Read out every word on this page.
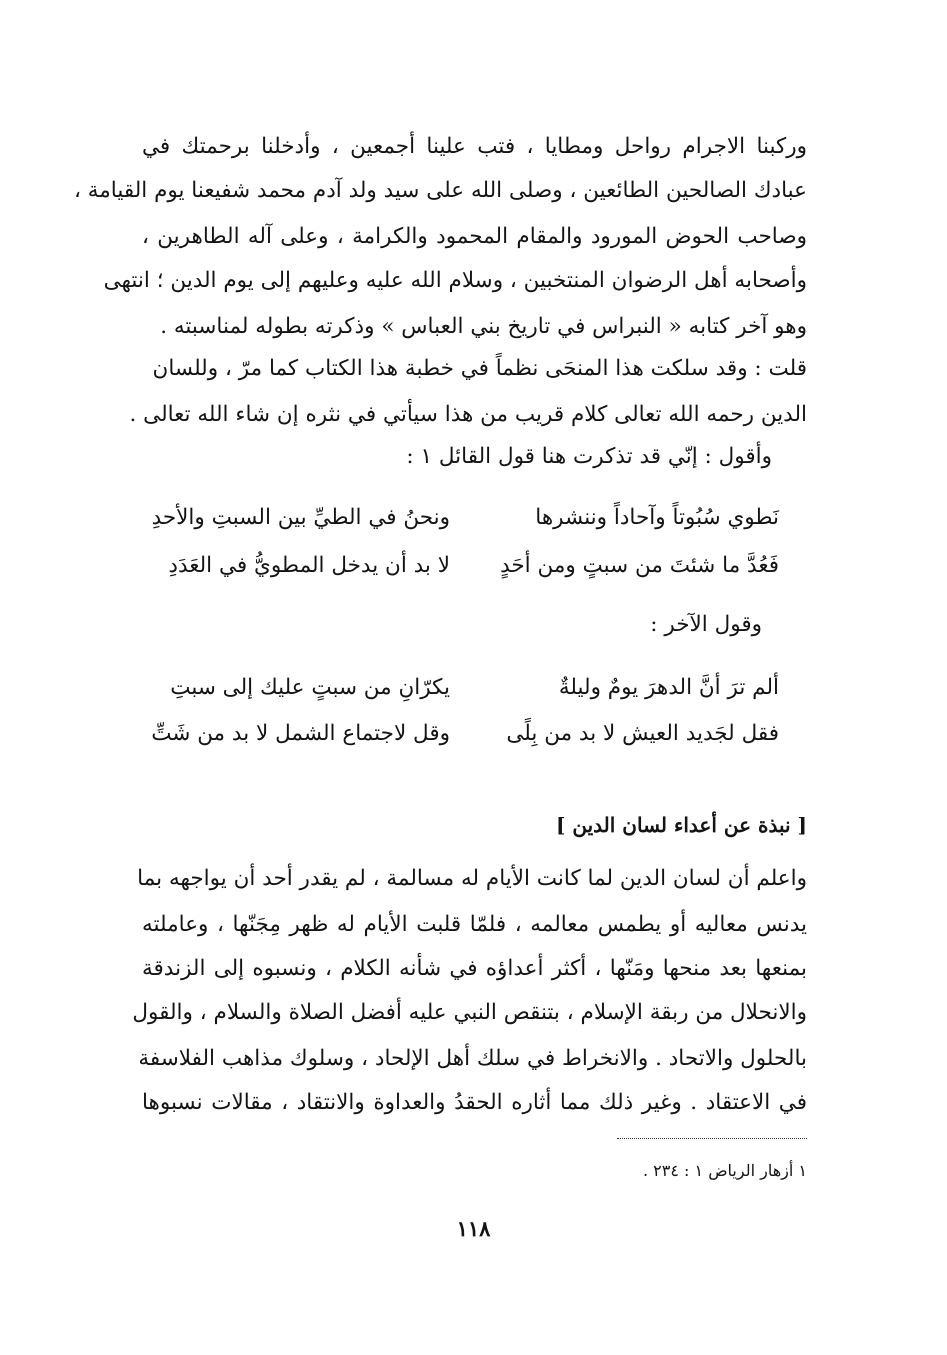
وركبنا الاجرام رواحل ومطايا ، فتب علينا أجمعين ، وأدخلنا برحمتك في
عبادك الصالحين الطائعين ، وصلى الله على سيد ولد آدم محمد شفيعنا يوم القيامة ،
وصاحب الحوض المورود والمقام المحمود والكرامة ، وعلى آله الطاهرين ،
وأصحابه أهل الرضوان المنتخبين ، وسلام الله عليه وعليهم إلى يوم الدين ؛ انتهى
وهو آخر كتابه « النبراس في تاريخ بني العباس » وذكرته بطوله لمناسبته .
قلت : وقد سلكت هذا المنحَى نظماً في خطبة هذا الكتاب كما مرّ ، وللسان
الدين رحمه الله تعالى كلام قريب من هذا سيأتي في نثره إن شاء الله تعالى .
وأقول : إنّي قد تذكرت هنا قول القائل ١ :
نَطوي سُبُوتاً وآحاداً وننشرها
ونحنُ في الطيِّ بين السبتِ والأحدِ
فَعُدَّ ما شئتَ من سبتٍ ومن أحَدٍ
لا بد أن يدخل المطويُّ في العَدَدِ
وقول الآخر :
ألم ترَ أنَّ الدهرَ يومٌ وليلةٌ
يكرّانِ من سبتٍ عليك إلى سبتِ
فقل لجَديد العيش لا بد من بِلًى
وقل لاجتماع الشمل لا بد من شَتِّ
[ نبذة عن أعداء لسان الدين ]
واعلم أن لسان الدين لما كانت الأيام له مسالمة ، لم يقدر أحد أن يواجهه بما
يدنس معاليه أو يطمس معالمه ، فلمّا قلبت الأيام له ظهر مِجَنّها ، وعاملته
بمنعها بعد منحها ومَنّها ، أكثر أعداؤه في شأنه الكلام ، ونسبوه إلى الزندقة
والانحلال من ربقة الإسلام ، بتنقص النبي عليه أفضل الصلاة والسلام ، والقول
بالحلول والاتحاد . والانخراط في سلك أهل الإلحاد ، وسلوك مذاهب الفلاسفة
في الاعتقاد . وغير ذلك مما أثاره الحقدُ والعداوة والانتقاد ، مقالات نسبوها
١ أزهار الرياض ١ : ٢٣٤ .
١١٨
